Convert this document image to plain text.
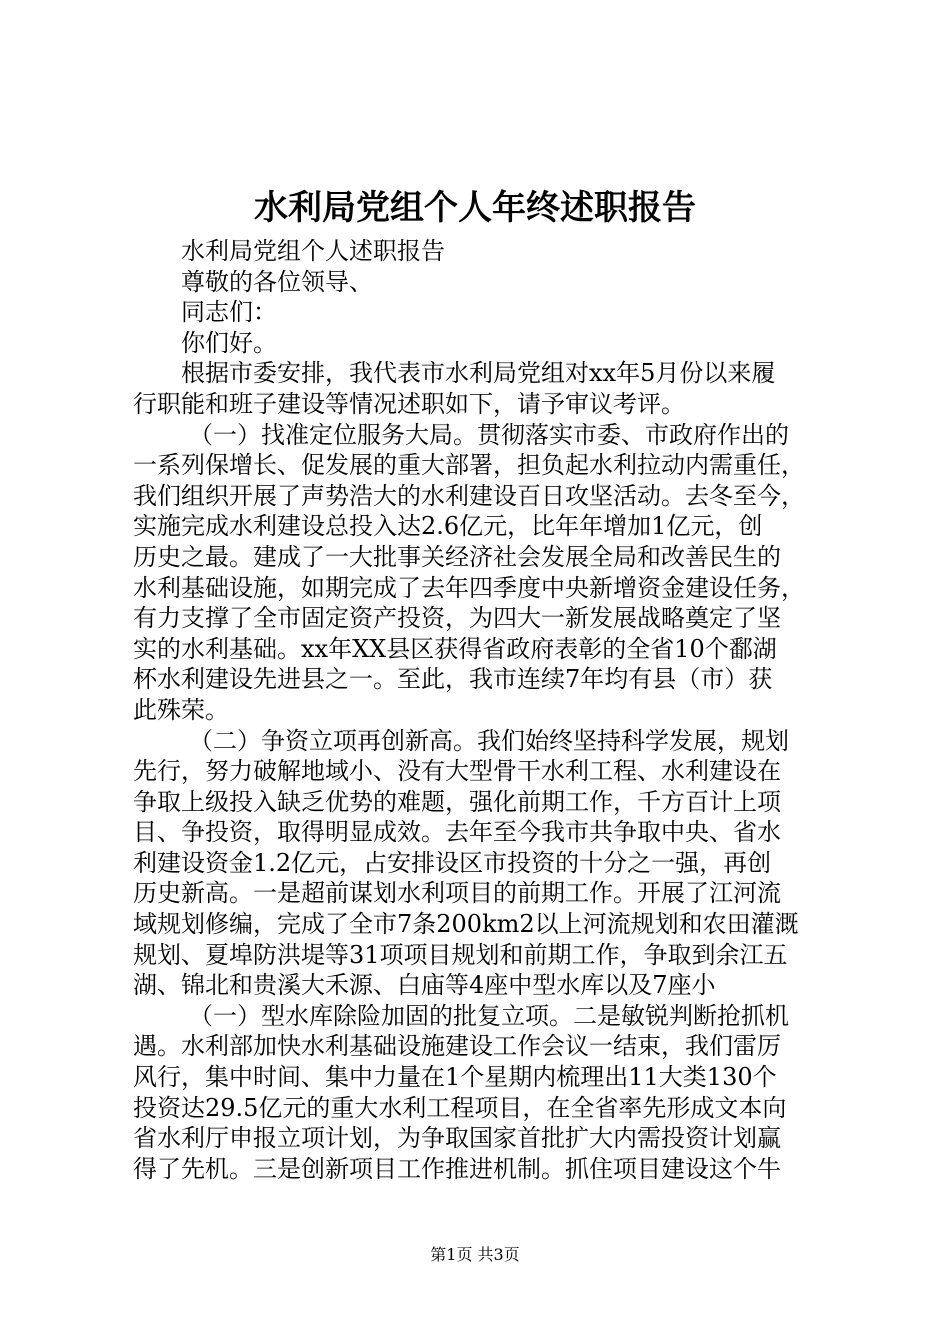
水利局党组个人年终述职报告
水利局党组个人述职报告
尊敬的各位领导、
同志们：
你们好。
根据市委安排，我代表市水利局党组对xx年5月份以来履
行职能和班子建设等情况述职如下，请予审议考评。
（一）找准定位服务大局。贯彻落实市委、市政府作出的
一系列保增长、促发展的重大部署，担负起水利拉动内需重任，
我们组织开展了声势浩大的水利建设百日攻坚活动。去冬至今，
实施完成水利建设总投入达2.6亿元，比年年增加1亿元，创
历史之最。建成了一大批事关经济社会发展全局和改善民生的
水利基础设施，如期完成了去年四季度中央新增资金建设任务，
有力支撑了全市固定资产投资，为四大一新发展战略奠定了坚
实的水利基础。xx年XX县区获得省政府表彰的全省10个鄱湖
杯水利建设先进县之一。至此，我市连续7年均有县（市）获
此殊荣。
（二）争资立项再创新高。我们始终坚持科学发展，规划
先行，努力破解地域小、没有大型骨干水利工程、水利建设在
争取上级投入缺乏优势的难题，强化前期工作，千方百计上项
目、争投资，取得明显成效。去年至今我市共争取中央、省水
利建设资金1.2亿元，占安排设区市投资的十分之一强，再创
历史新高。一是超前谋划水利项目的前期工作。开展了江河流
域规划修编，完成了全市7条200km2以上河流规划和农田灌溉
规划、夏埠防洪堤等31项项目规划和前期工作，争取到余江五
湖、锦北和贵溪大禾源、白庙等4座中型水库以及7座小
（一）型水库除险加固的批复立项。二是敏锐判断抢抓机
遇。水利部加快水利基础设施建设工作会议一结束，我们雷厉
风行，集中时间、集中力量在1个星期内梳理出11大类130个
投资达29.5亿元的重大水利工程项目，在全省率先形成文本向
省水利厅申报立项计划，为争取国家首批扩大内需投资计划赢
得了先机。三是创新项目工作推进机制。抓住项目建设这个牛
第1页 共3页
